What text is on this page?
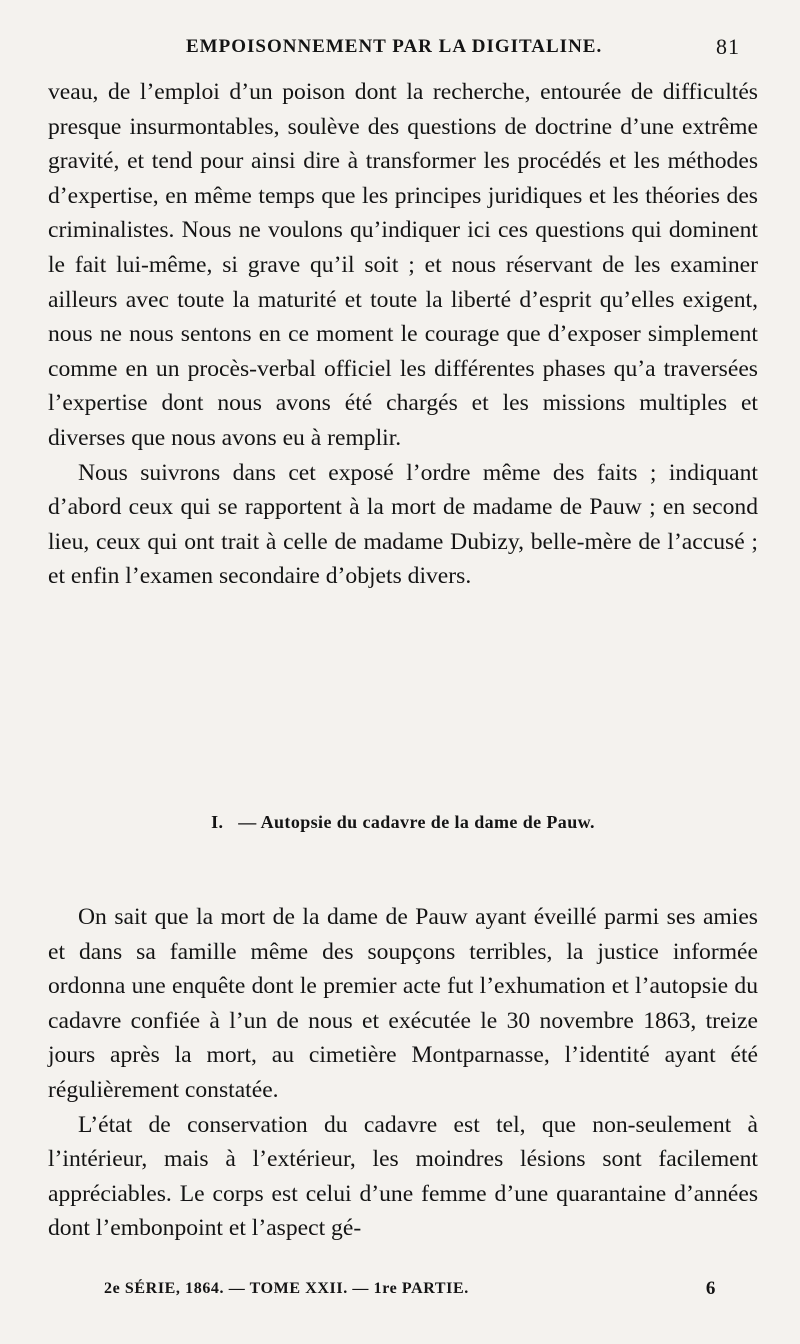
EMPOISONNEMENT PAR LA DIGITALINE.	81

veau, de l’emploi d’un poison dont la recherche, entourée de difficultés presque insurmontables, soulève des questions de doctrine d’une extrême gravité, et tend pour ainsi dire à transformer les procédés et les méthodes d’expertise, en même temps que les principes juridiques et les théories des criminalistes. Nous ne voulons qu’indiquer ici ces questions qui dominent le fait lui-même, si grave qu’il soit ; et nous réservant de les examiner ailleurs avec toute la maturité et toute la liberté d’esprit qu’elles exigent, nous ne nous sentons en ce moment le courage que d’exposer simplement comme en un procès-verbal officiel les différentes phases qu’a traversées l’expertise dont nous avons été chargés et les missions multiples et diverses que nous avons eu à remplir.

Nous suivrons dans cet exposé l’ordre même des faits ; indiquant d’abord ceux qui se rapportent à la mort de madame de Pauw ; en second lieu, ceux qui ont trait à celle de madame Dubizy, belle-mère de l’accusé ; et enfin l’examen secondaire d’objets divers.

I. — Autopsie du cadavre de la dame de Pauw.

On sait que la mort de la dame de Pauw ayant éveillé parmi ses amies et dans sa famille même des soupçons terribles, la justice informée ordonna une enquête dont le premier acte fut l’exhumation et l’autopsie du cadavre confiée à l’un de nous et exécutée le 30 novembre 1863, treize jours après la mort, au cimetière Montparnasse, l’identité ayant été régulièrement constatée.

L’état de conservation du cadavre est tel, que non-seulement à l’intérieur, mais à l’extérieur, les moindres lésions sont facilement appréciables. Le corps est celui d’une femme d’une quarantaine d’années dont l’embonpoint et l’aspect gé-

2e SÉRIE, 1864. — TOME XXII. — 1re PARTIE.	6
